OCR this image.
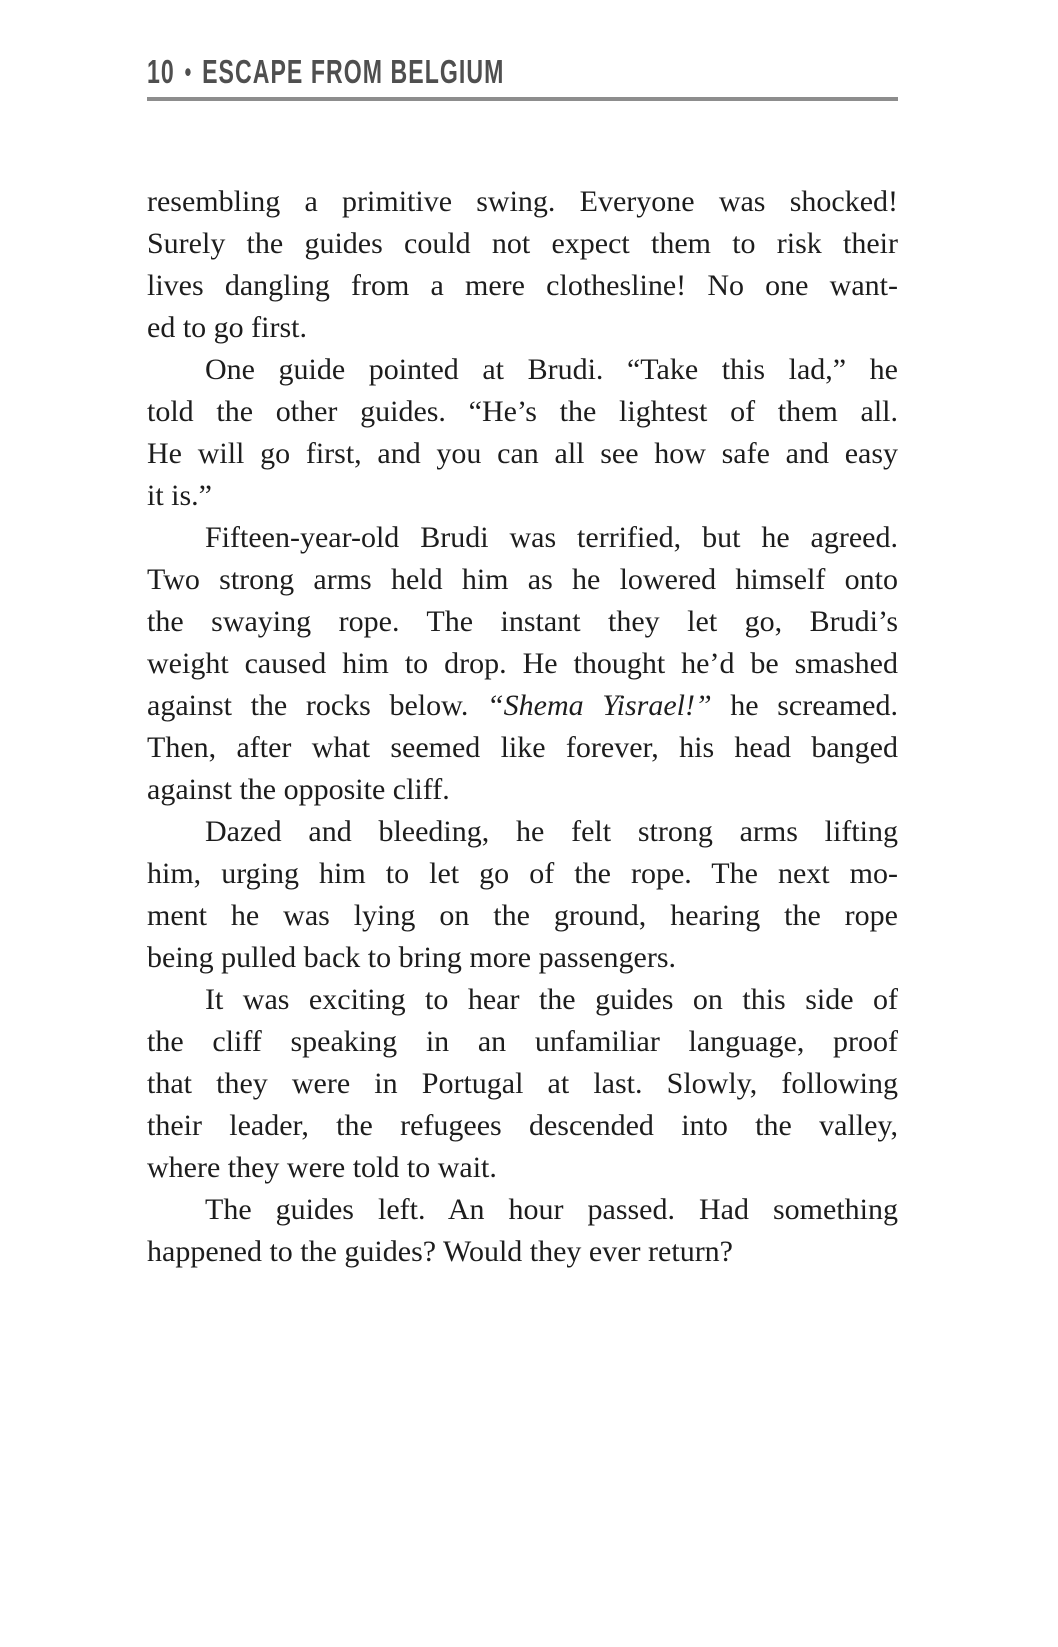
10 • ESCAPE FROM BELGIUM
resembling a primitive swing. Everyone was shocked!
Surely the guides could not expect them to risk their
lives dangling from a mere clothesline! No one want-
ed to go first.
One guide pointed at Brudi. “Take this lad,” he
told the other guides. “He’s the lightest of them all.
He will go first, and you can all see how safe and easy
it is.”
Fifteen-year-old Brudi was terrified, but he agreed.
Two strong arms held him as he lowered himself onto
the swaying rope. The instant they let go, Brudi’s
weight caused him to drop. He thought he’d be smashed
against the rocks below. “Shema Yisrael!” he screamed.
Then, after what seemed like forever, his head banged
against the opposite cliff.
Dazed and bleeding, he felt strong arms lifting
him, urging him to let go of the rope. The next mo-
ment he was lying on the ground, hearing the rope
being pulled back to bring more passengers.
It was exciting to hear the guides on this side of
the cliff speaking in an unfamiliar language, proof
that they were in Portugal at last. Slowly, following
their leader, the refugees descended into the valley,
where they were told to wait.
The guides left. An hour passed. Had something
happened to the guides? Would they ever return?
